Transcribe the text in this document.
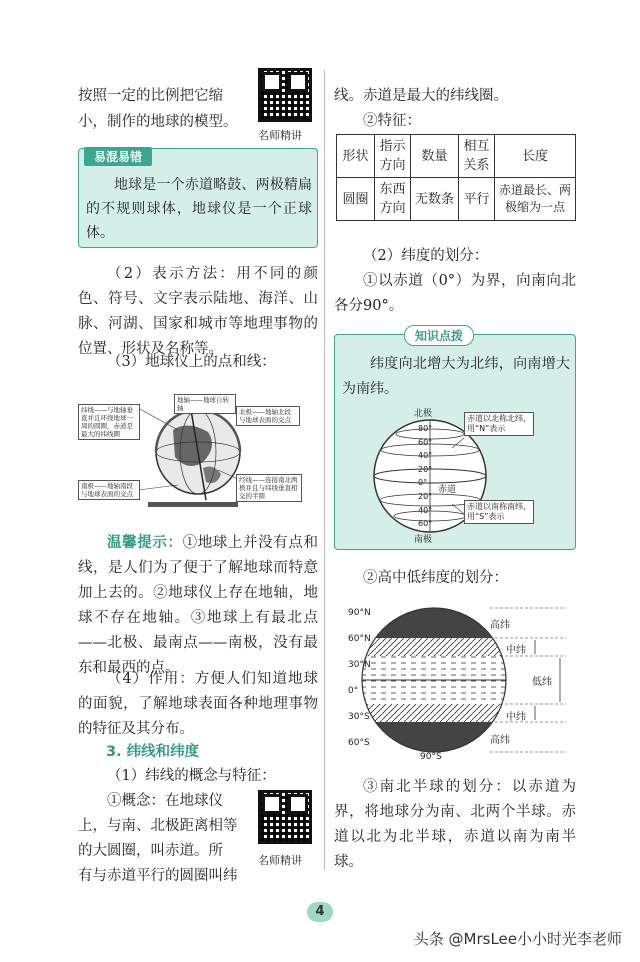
按照一定的比例把它缩
小，制作的地球的模型。
名师精讲
易混易错
地球是一个赤道略鼓、两极精扁的不规则球体，地球仪是一个正球体。
（2）表示方法：用不同的颜色、符号、文字表示陆地、海洋、山脉、河湖、国家和城市等地理事物的位置、形状及名称等。
（3）地球仪上的点和线：
纬线——与地轴垂直并且环绕地球一周的圆圈，赤道是最大的纬线圈
地轴——地球自转轴	北极——地轴北段与地球表面的交点
南极——地轴南段与地球表面的交点
经线——连接南北两极并且与纬线垂直相交的半圆
温馨提示：①地球上并没有点和线，是人们为了便于了解地球而特意加上去的。②地球仪上存在地轴，地球不存在地轴。③地球上有最北点——北极、最南点——南极，没有最东和最西的点。
（4）作用：方便人们知道地球的面貌，了解地球表面各种地理事物的特征及其分布。
3. 纬线和纬度
（1）纬线的概念与特征：
①概念：在地球仪
上，与南、北极距离相等
的大圆圈，叫赤道。所
有与赤道平行的圆圈叫纬
名师精讲
线。赤道是最大的纬线圈。
②特征：
形状	指示方向	数量	相互关系	长度
圆圈	东西方向	无数条	平行	赤道最长、两极缩为一点
（2）纬度的划分：
①以赤道（0°）为界，向南向北各分90°。
知识点拨
纬度向北增大为北纬，向南增大为南纬。
北极
南极
赤道
80°
60°
40°
20°
0°
20°
40°
60°
赤道以北称北纬，用“N”表示
赤道以南称南纬，用“S”表示
②高中低纬度的划分：
90°N
60°N
30°N
0°
30°S
60°S
90°S
高纬
中纬
低纬
中纬
高纬
③南北半球的划分：以赤道为界，将地球分为南、北两个半球。赤道以北为北半球，赤道以南为南半球。
4
头条 @MrsLee小小时光李老师
